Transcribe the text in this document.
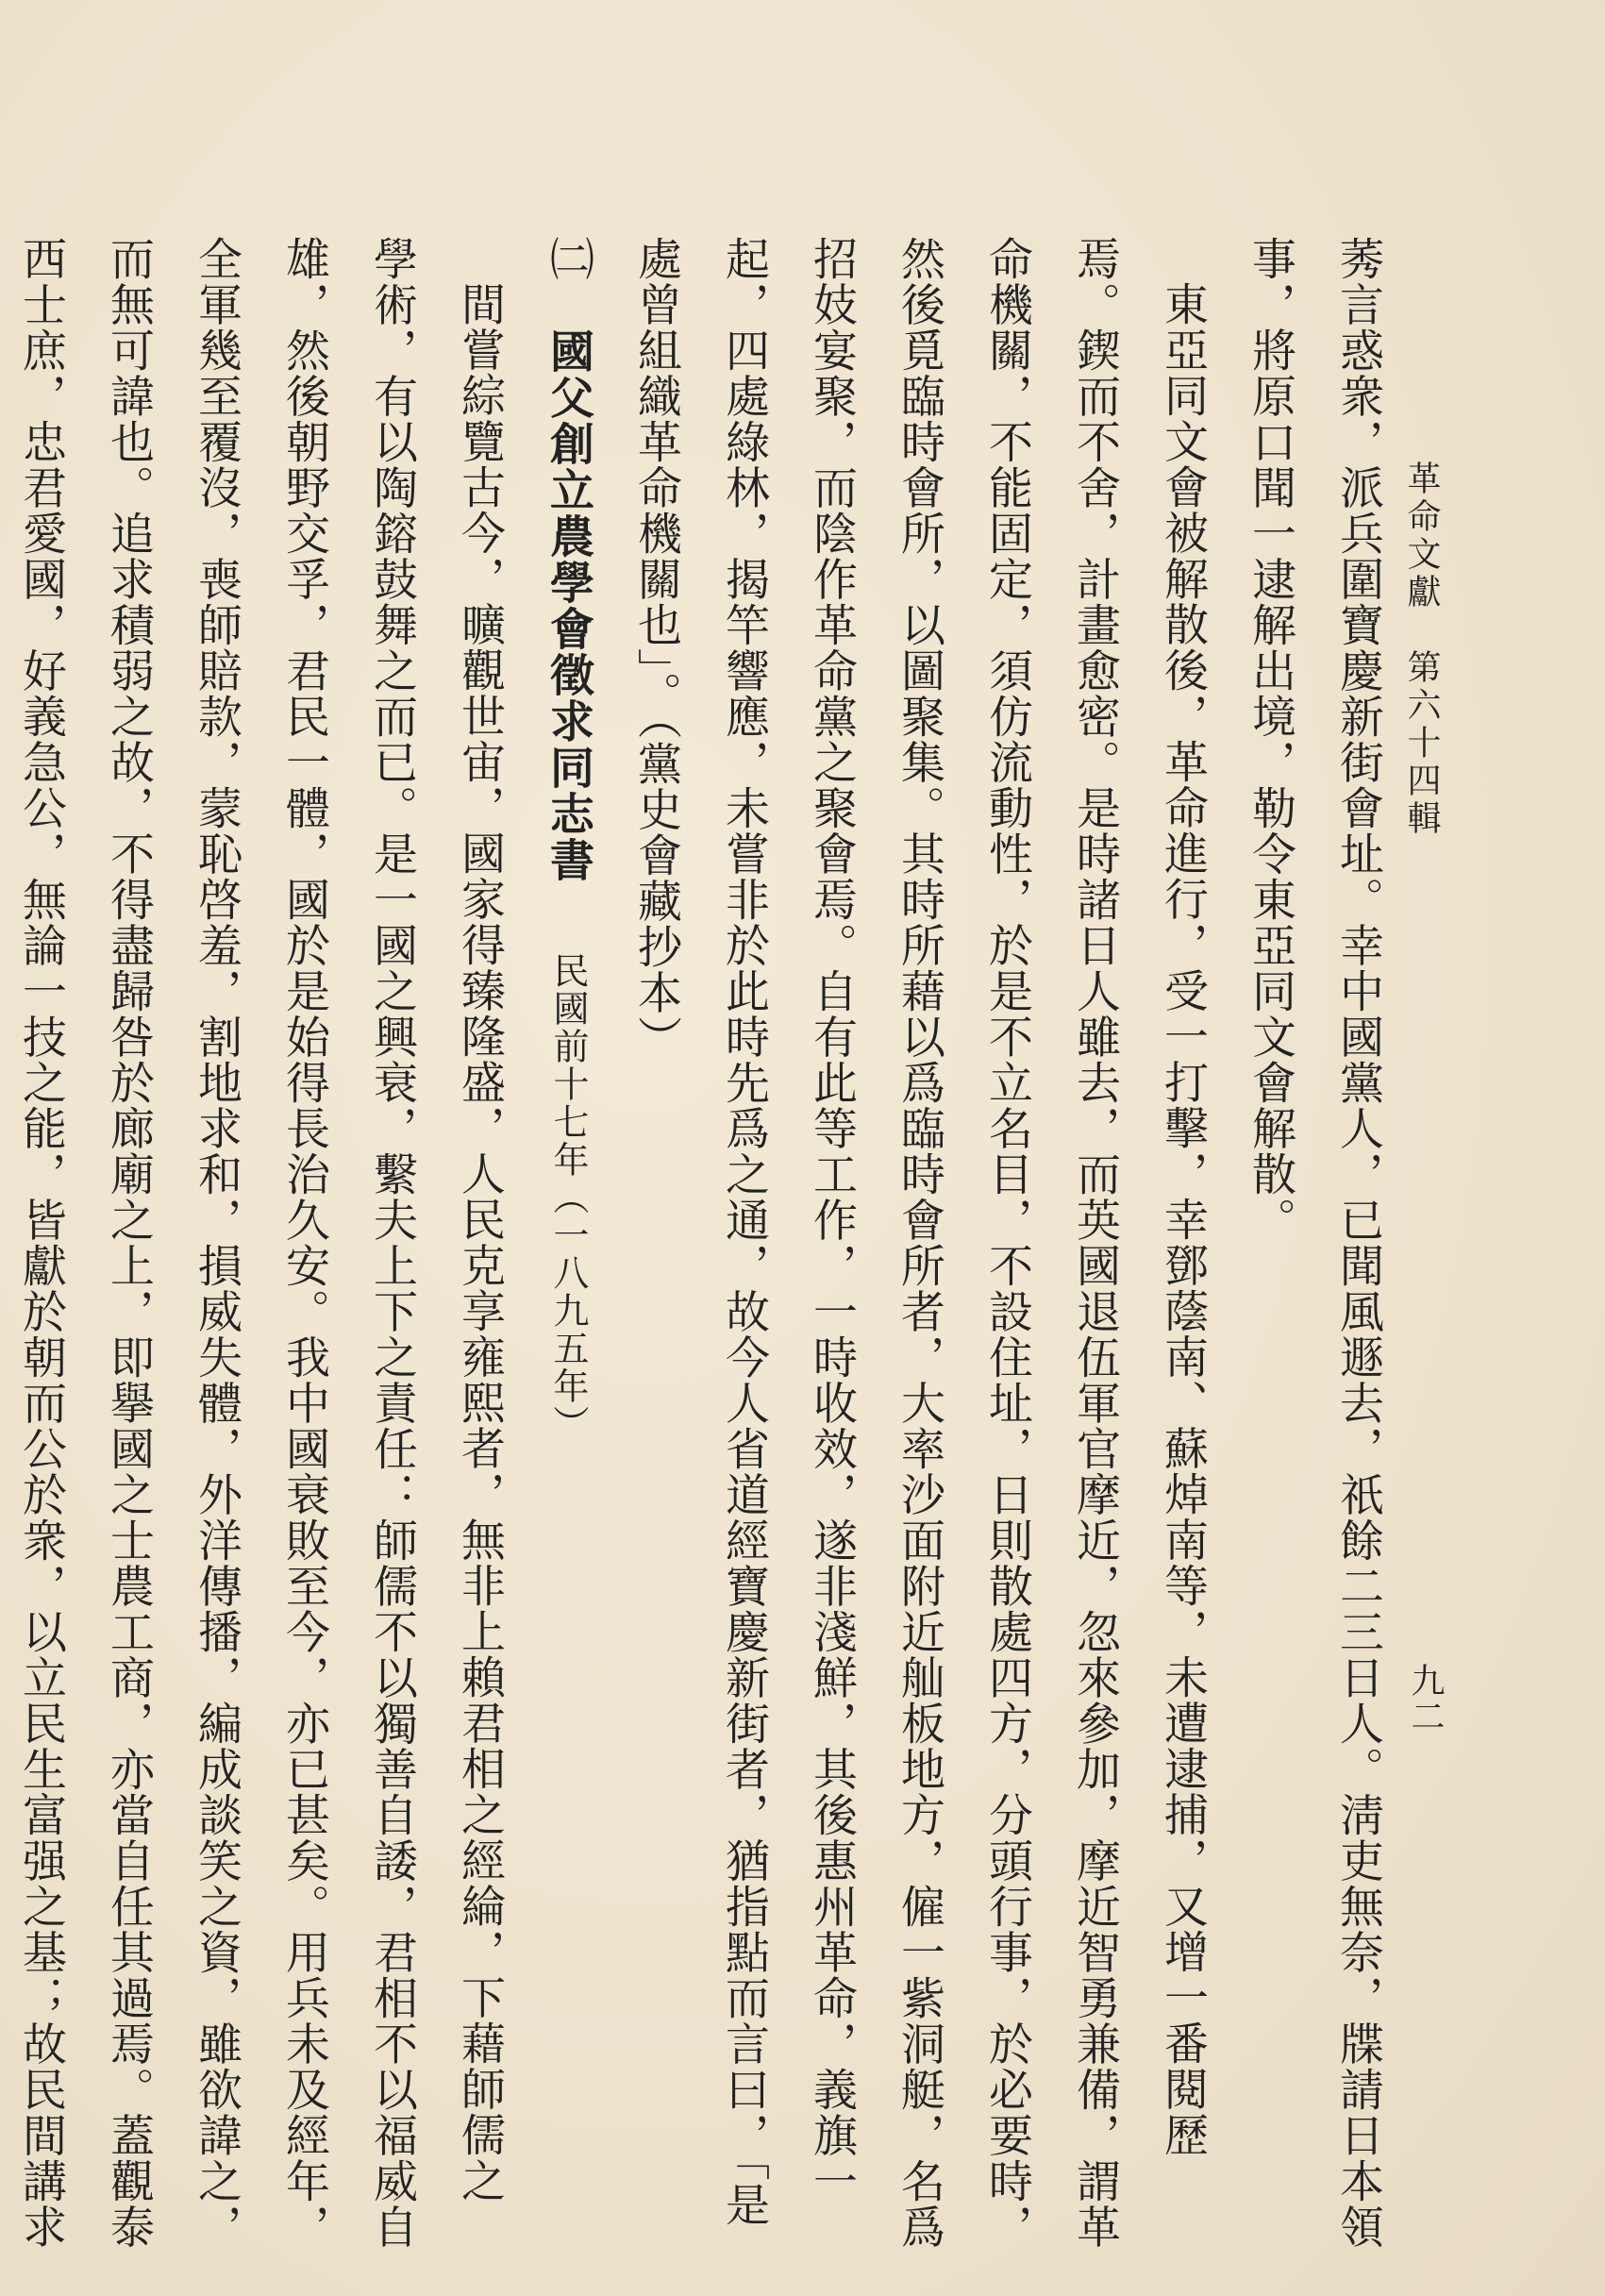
革命文獻　第六十四輯
九二
莠言惑衆，派兵圍寶慶新街會址。幸中國黨人，已聞風遯去，祇餘二三日人。淸吏無奈，牒請日本領
事，將原口聞一逮解出境，勒令東亞同文會解散。
東亞同文會被解散後，革命進行，受一打擊，幸鄧蔭南、蘇焯南等，未遭逮捕，又增一番閱歷
焉。鍥而不舍，計畫愈密。是時諸日人雖去，而英國退伍軍官摩近，忽來參加，摩近智勇兼備，謂革
命機關，不能固定，須仿流動性，於是不立名目，不設住址，日則散處四方，分頭行事，於必要時，
然後覓臨時會所，以圖聚集。其時所藉以爲臨時會所者，大率沙面附近舢板地方，僱一紫洞艇，名爲
招妓宴聚，而陰作革命黨之聚會焉。自有此等工作，一時收效，遂非淺鮮，其後惠州革命，義旗一
起，四處綠林，揭竿響應，未嘗非於此時先爲之通，故今人省道經寶慶新街者，猶指點而言曰，「是
處曾組織革命機關也」。（黨史會藏抄本）
㈡　國父創立農學會徵求同志書　民國前十七年（一八九五年）
間嘗綜覽古今，曠觀世宙，國家得臻隆盛，人民克享雍熙者，無非上賴君相之經綸，下藉師儒之
學術，有以陶鎔鼓舞之而已。是一國之興衰，繫夫上下之責任：師儒不以獨善自諉，君相不以福威自
雄，然後朝野交孚，君民一體，國於是始得長治久安。我中國衰敗至今，亦已甚矣。用兵未及經年，
全軍幾至覆沒，喪師賠款，蒙恥啓羞，割地求和，損威失體，外洋傳播，編成談笑之資，雖欲諱之，
而無可諱也。追求積弱之故，不得盡歸咎於廊廟之上，即擧國之士農工商，亦當自任其過焉。蓋觀泰
西士庶，忠君愛國，好義急公，無論一技之能，皆獻於朝而公於衆，以立民生富强之基；故民間講求
